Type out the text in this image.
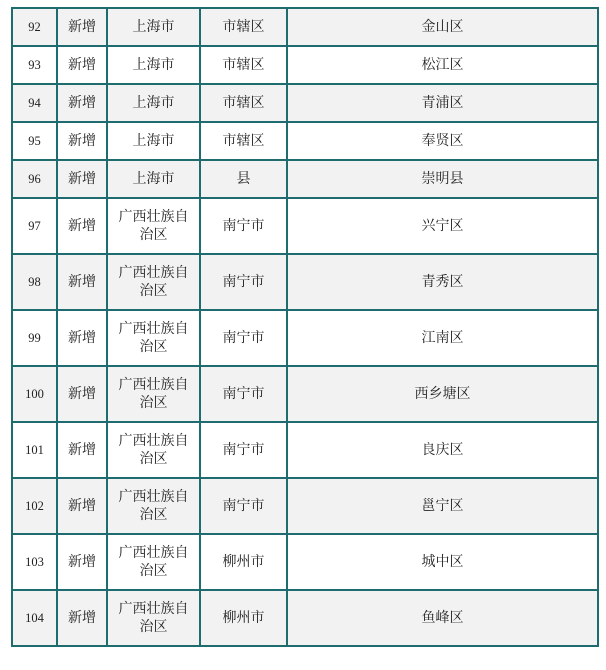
92	新增	上海市	市辖区	金山区
93	新增	上海市	市辖区	松江区
94	新增	上海市	市辖区	青浦区
95	新增	上海市	市辖区	奉贤区
96	新增	上海市	县	崇明县
97	新增	广西壮族自治区	南宁市	兴宁区
98	新增	广西壮族自治区	南宁市	青秀区
99	新增	广西壮族自治区	南宁市	江南区
100	新增	广西壮族自治区	南宁市	西乡塘区
101	新增	广西壮族自治区	南宁市	良庆区
102	新增	广西壮族自治区	南宁市	邕宁区
103	新增	广西壮族自治区	柳州市	城中区
104	新增	广西壮族自治区	柳州市	鱼峰区
